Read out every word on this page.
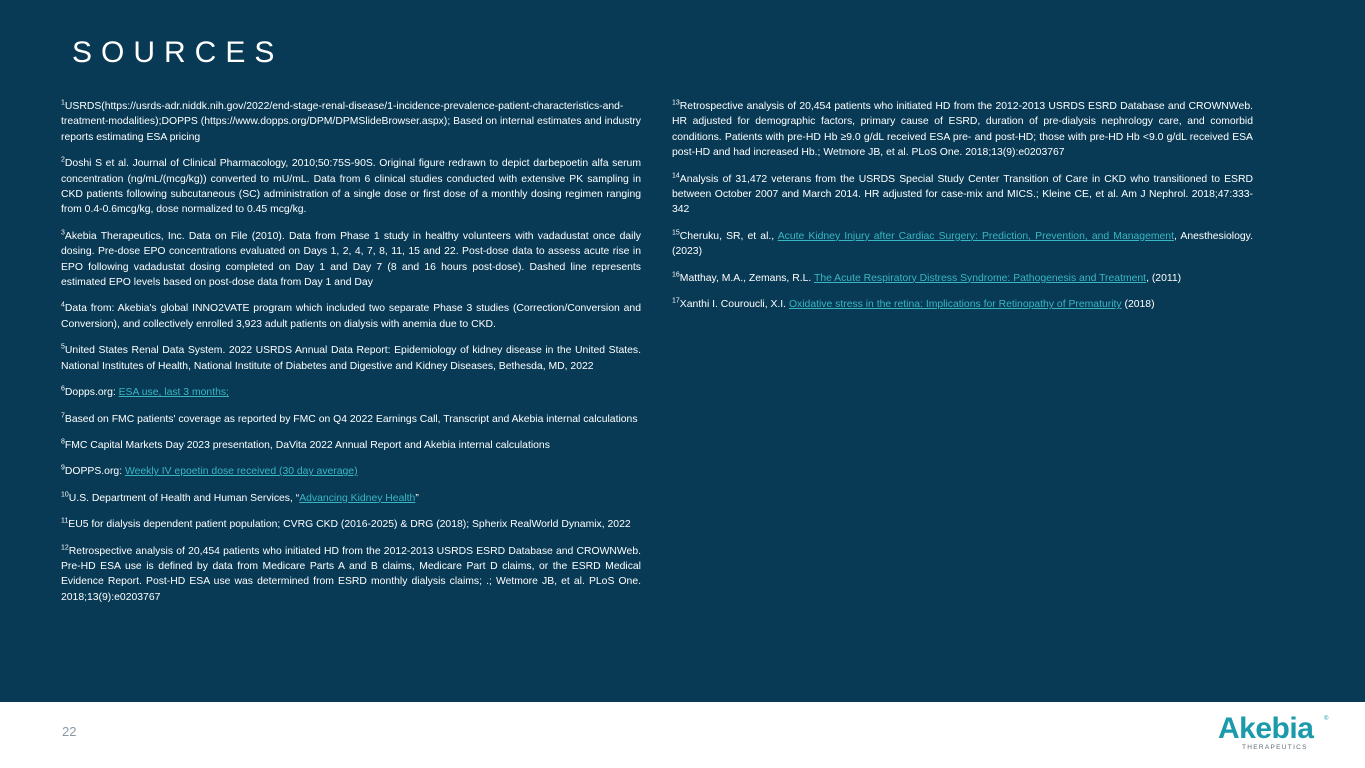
SOURCES

$^1$USRDS(https://usrds-adr.niddk.nih.gov/2022/end-stage-renal-disease/1-incidence-prevalence-patient-characteristics-and-treatment-modalities);DOPPS (https://www.dopps.org/DPM/DPMSlideBrowser.aspx); Based on internal estimates and industry reports estimating ESA pricing

$^2$Doshi S et al. Journal of Clinical Pharmacology, 2010;50:75S-90S. Original figure redrawn to depict darbepoetin alfa serum concentration (ng/mL/(mcg/kg)) converted to mU/mL. Data from 6 clinical studies conducted with extensive PK sampling in CKD patients following subcutaneous (SC) administration of a single dose or first dose of a monthly dosing regimen ranging from 0.4-0.6mcg/kg, dose normalized to 0.45 mcg/kg.

$^3$Akebia Therapeutics, Inc. Data on File (2010). Data from Phase 1 study in healthy volunteers with vadadustat once daily dosing. Pre-dose EPO concentrations evaluated on Days 1, 2, 4, 7, 8, 11, 15 and 22. Post-dose data to assess acute rise in EPO following vadadustat dosing completed on Day 1 and Day 7 (8 and 16 hours post-dose). Dashed line represents estimated EPO levels based on post-dose data from Day 1 and Day

$^4$Data from: Akebia's global INNO2VATE program which included two separate Phase 3 studies (Correction/Conversion and Conversion), and collectively enrolled 3,923 adult patients on dialysis with anemia due to CKD.

$^5$United States Renal Data System. 2022 USRDS Annual Data Report: Epidemiology of kidney disease in the United States. National Institutes of Health, National Institute of Diabetes and Digestive and Kidney Diseases, Bethesda, MD, 2022

$^6$Dopps.org: ESA use, last 3 months;

$^7$Based on FMC patients' coverage as reported by FMC on Q4 2022 Earnings Call, Transcript and Akebia internal calculations

$^8$FMC Capital Markets Day 2023 presentation, DaVita 2022 Annual Report and Akebia internal calculations

$^9$DOPPS.org: Weekly IV epoetin dose received (30 day average)

$^{10}$U.S. Department of Health and Human Services, “Advancing Kidney Health”

$^{11}$EU5 for dialysis dependent patient population; CVRG CKD (2016-2025) & DRG (2018); Spherix RealWorld Dynamix, 2022

$^{12}$Retrospective analysis of 20,454 patients who initiated HD from the 2012-2013 USRDS ESRD Database and CROWNWeb. Pre-HD ESA use is defined by data from Medicare Parts A and B claims, Medicare Part D claims, or the ESRD Medical Evidence Report. Post-HD ESA use was determined from ESRD monthly dialysis claims; .; Wetmore JB, et al. PLoS One. 2018;13(9):e0203767

$^{13}$Retrospective analysis of 20,454 patients who initiated HD from the 2012-2013 USRDS ESRD Database and CROWNWeb. HR adjusted for demographic factors, primary cause of ESRD, duration of pre-dialysis nephrology care, and comorbid conditions. Patients with pre-HD Hb ≥9.0 g/dL received ESA pre- and post-HD; those with pre-HD Hb <9.0 g/dL received ESA post-HD and had increased Hb.; Wetmore JB, et al. PLoS One. 2018;13(9):e0203767

$^{14}$Analysis of 31,472 veterans from the USRDS Special Study Center Transition of Care in CKD who transitioned to ESRD between October 2007 and March 2014. HR adjusted for case-mix and MICS.; Kleine CE, et al. Am J Nephrol. 2018;47:333-342

$^{15}$Cheruku, SR, et al., Acute Kidney Injury after Cardiac Surgery: Prediction, Prevention, and Management, Anesthesiology. (2023)

$^{16}$Matthay, M.A., Zemans, R.L. The Acute Respiratory Distress Syndrome: Pathogenesis and Treatment, (2011)

$^{17}$Xanthi I. Couroucli, X.I. Oxidative stress in the retina: Implications for Retinopathy of Prematurity (2018)

22	Akebia ®
THERAPEUTICS
